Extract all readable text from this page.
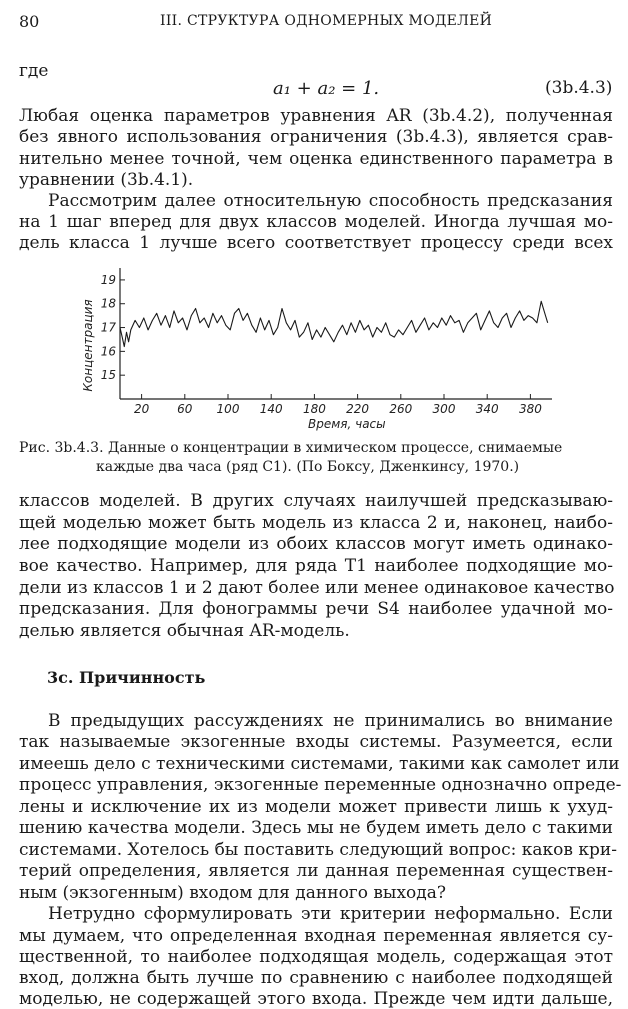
80	III. СТРУКТУРА ОДНОМЕРНЫХ МОДЕЛЕЙ
где
a₁ + a₂ = 1.	(3b.4.3)
Любая оценка параметров уравнения AR (3b.4.2), полученная
без явного использования ограничения (3b.4.3), является срав-
нительно менее точной, чем оценка единственного параметра в
уравнении (3b.4.1).
Рассмотрим далее относительную способность предсказания
на 1 шаг вперед для двух классов моделей. Иногда лучшая мо-
дель класса 1 лучше всего соответствует процессу среди всех
15
16
17
18
19
20 60 100 140 180 220 260 300 340 380
Время, часы
Концентрация
Рис. 3b.4.3. Данные о концентрации в химическом процессе, снимаемые
каждые два часа (ряд C1). (По Боксу, Дженкинсу, 1970.)
классов моделей. В других случаях наилучшей предсказываю-
щей моделью может быть модель из класса 2 и, наконец, наибо-
лее подходящие модели из обоих классов могут иметь одинако-
вое качество. Например, для ряда T1 наиболее подходящие мо-
дели из классов 1 и 2 дают более или менее одинаковое качество
предсказания. Для фонограммы речи S4 наиболее удачной мо-
делью является обычная AR-модель.
3с. Причинность
В предыдущих рассуждениях не принимались во внимание
так называемые экзогенные входы системы. Разумеется, если
имеешь дело с техническими системами, такими как самолет или
процесс управления, экзогенные переменные однозначно опреде-
лены и исключение их из модели может привести лишь к ухуд-
шению качества модели. Здесь мы не будем иметь дело с такими
системами. Хотелось бы поставить следующий вопрос: каков кри-
терий определения, является ли данная переменная существен-
ным (экзогенным) входом для данного выхода?
Нетрудно сформулировать эти критерии неформально. Если
мы думаем, что определенная входная переменная является су-
щественной, то наиболее подходящая модель, содержащая этот
вход, должна быть лучше по сравнению с наиболее подходящей
моделью, не содержащей этого входа. Прежде чем идти дальше,
